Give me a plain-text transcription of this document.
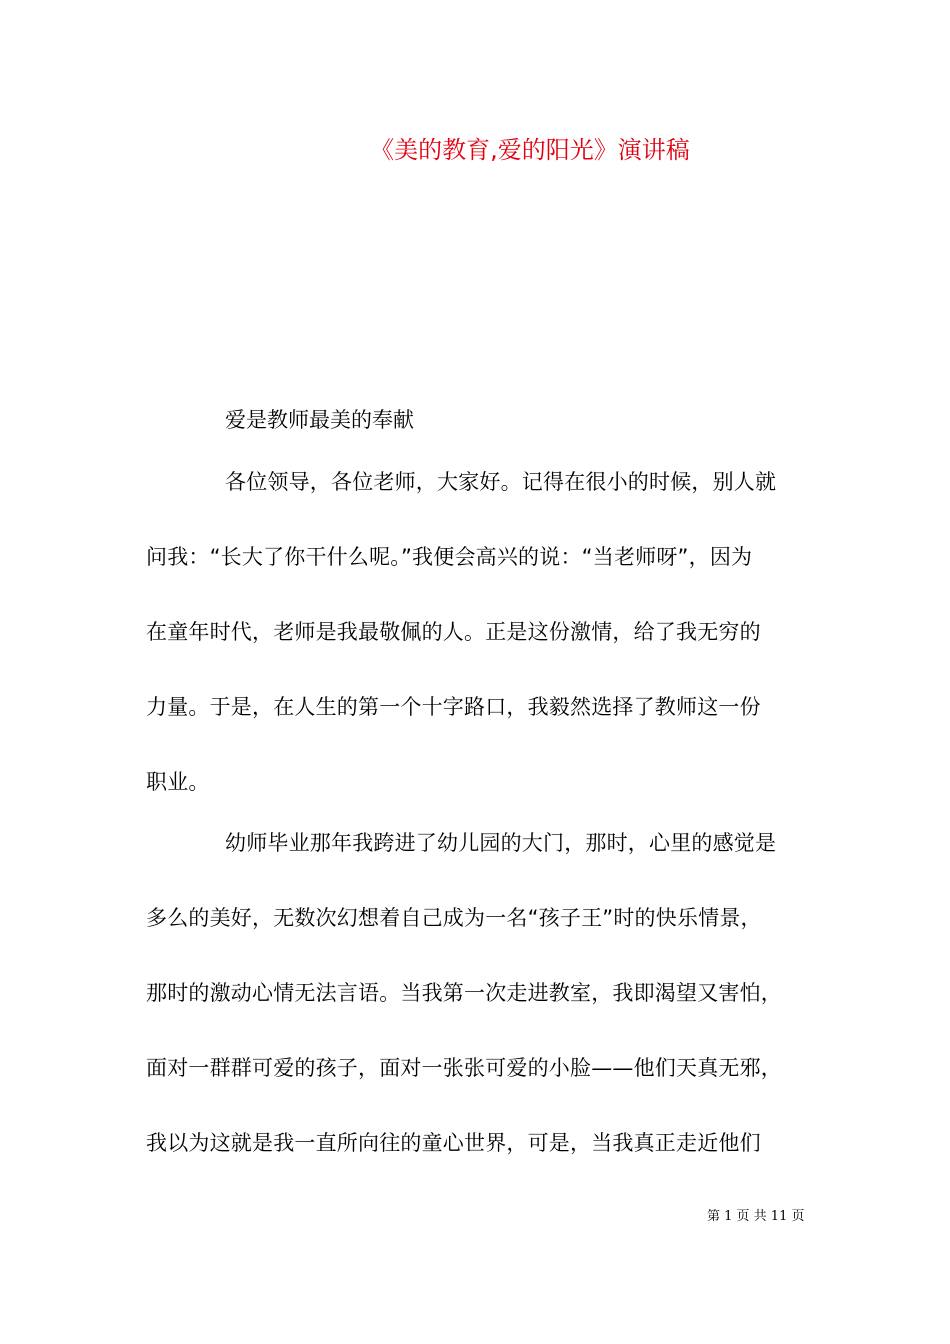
《美的教育,爱的阳光》演讲稿

爱是教师最美的奉献

各位领导，各位老师，大家好。记得在很小的时候，别人就
问我：“长大了你干什么呢。”我便会高兴的说：“当老师呀”，因为
在童年时代，老师是我最敬佩的人。正是这份激情，给了我无穷的
力量。于是，在人生的第一个十字路口，我毅然选择了教师这一份
职业。
幼师毕业那年我跨进了幼儿园的大门，那时，心里的感觉是
多么的美好，无数次幻想着自己成为一名“孩子王”时的快乐情景，
那时的激动心情无法言语。当我第一次走进教室，我即渴望又害怕，
面对一群群可爱的孩子，面对一张张可爱的小脸——他们天真无邪，
我以为这就是我一直所向往的童心世界，可是，当我真正走近他们
第 1 页 共 11 页
